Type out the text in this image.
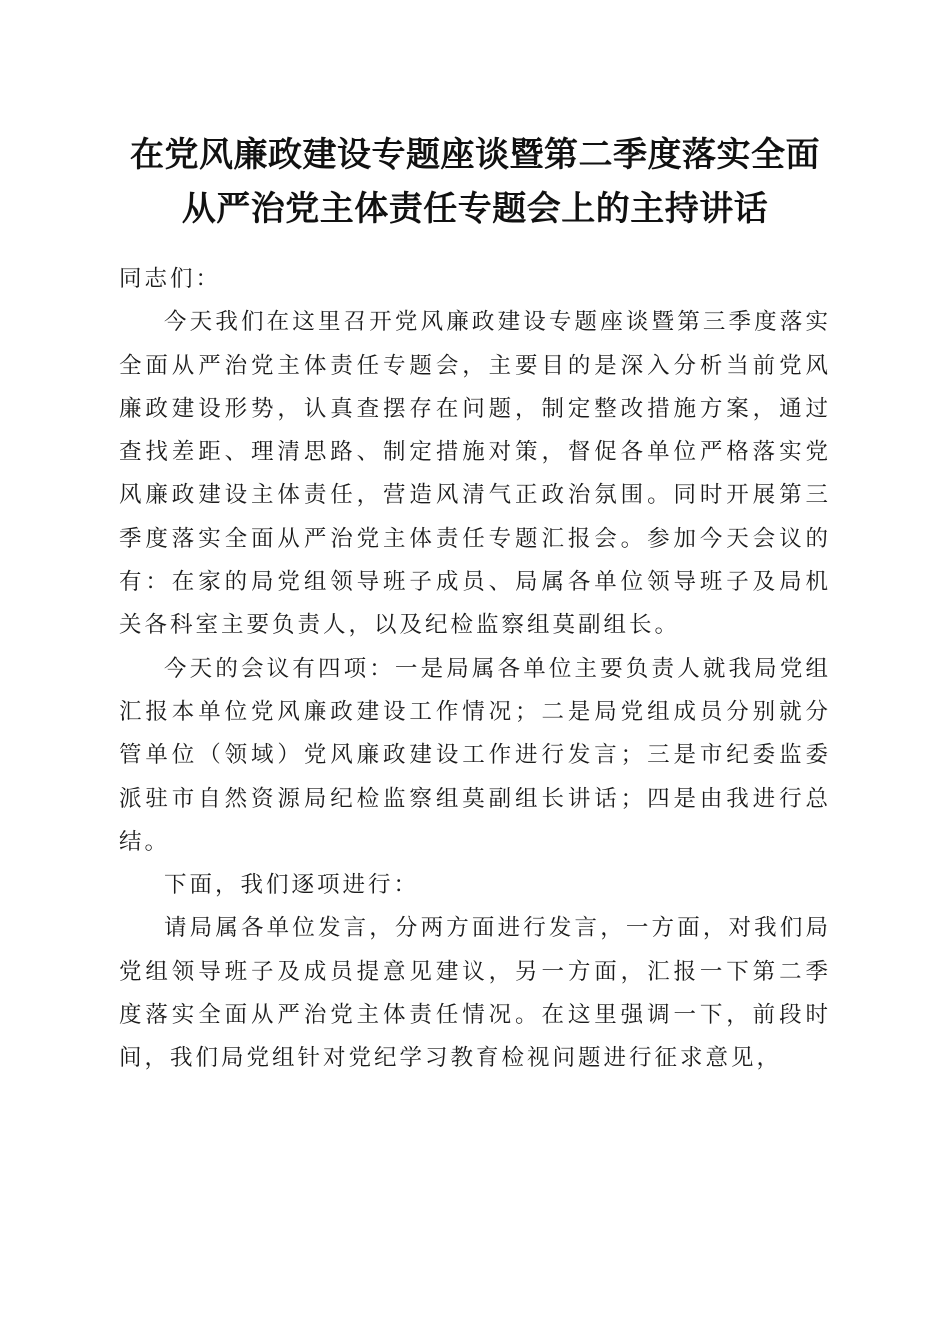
在党风廉政建设专题座谈暨第二季度落实全面
从严治党主体责任专题会上的主持讲话

同志们：

今天我们在这里召开党风廉政建设专题座谈暨第三季度落实全面从严治党主体责任专题会，主要目的是深入分析当前党风廉政建设形势，认真查摆存在问题，制定整改措施方案，通过查找差距、理清思路、制定措施对策，督促各单位严格落实党风廉政建设主体责任，营造风清气正政治氛围。同时开展第三季度落实全面从严治党主体责任专题汇报会。参加今天会议的有：在家的局党组领导班子成员、局属各单位领导班子及局机关各科室主要负责人，以及纪检监察组莫副组长。

今天的会议有四项：一是局属各单位主要负责人就我局党组汇报本单位党风廉政建设工作情况；二是局党组成员分别就分管单位（领域）党风廉政建设工作进行发言；三是市纪委监委派驻市自然资源局纪检监察组莫副组长讲话；四是由我进行总结。

下面，我们逐项进行：

请局属各单位发言，分两方面进行发言，一方面，对我们局党组领导班子及成员提意见建议，另一方面，汇报一下第二季度落实全面从严治党主体责任情况。在这里强调一下，前段时间，我们局党组针对党纪学习教育检视问题进行征求意见，
